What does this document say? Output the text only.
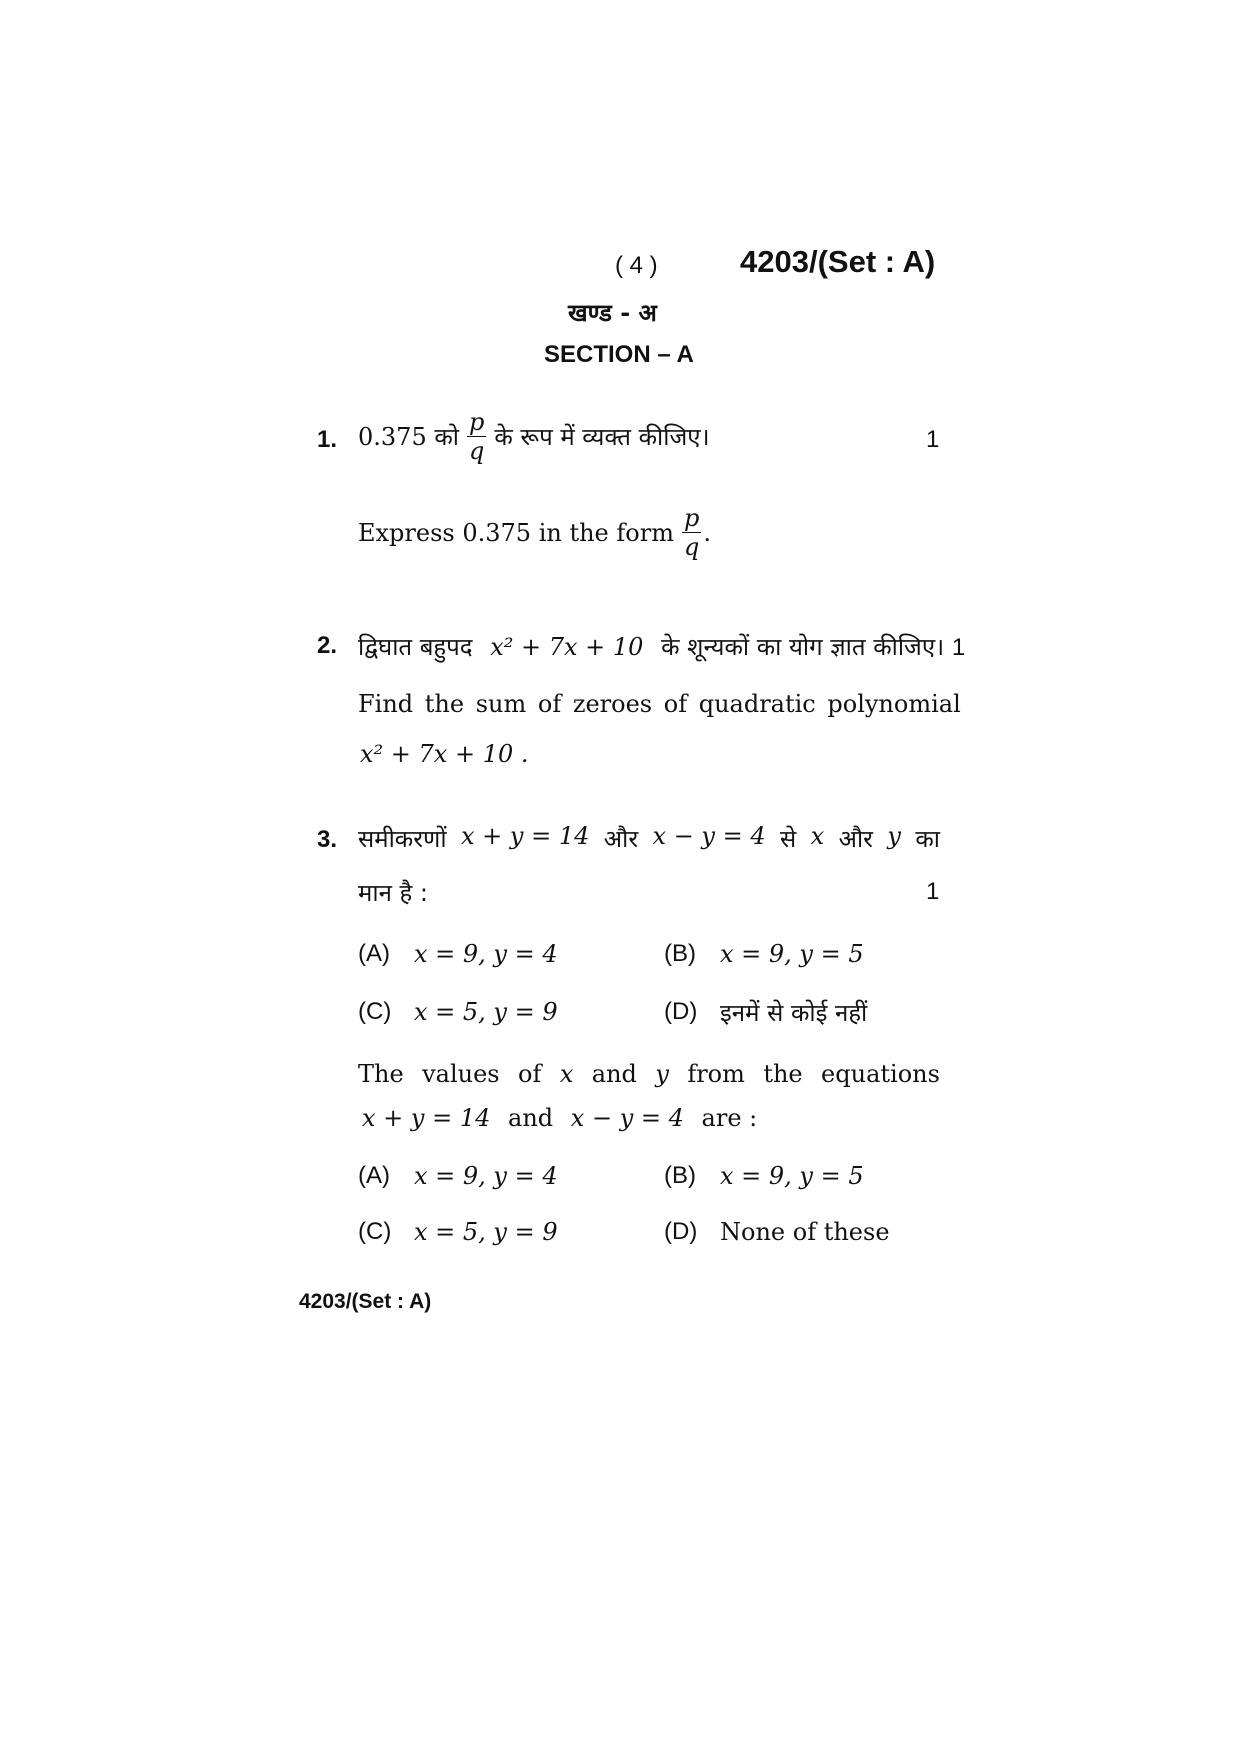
( 4 )	4203/(Set : A)
खण्ड - अ
SECTION – A
1. 0.375 को $\frac{p}{q}$ के रूप में व्यक्त कीजिए।	1
Express 0.375 in the form $\frac{p}{q}$ .
2. द्विघात बहुपद x² + 7x + 10 के शून्यकों का योग ज्ञात कीजिए। 1
Find the sum of zeroes of quadratic polynomial
x² + 7x + 10 .
3. समीकरणों x + y = 14 और x − y = 4 से x और y का
मान है :	1
(A) x = 9, y = 4	(B) x = 9, y = 5
(C) x = 5, y = 9	(D) इनमें से कोई नहीं
The values of x and y from the equations
x + y = 14 and x − y = 4 are :
(A) x = 9, y = 4	(B) x = 9, y = 5
(C) x = 5, y = 9	(D) None of these
4203/(Set : A)
